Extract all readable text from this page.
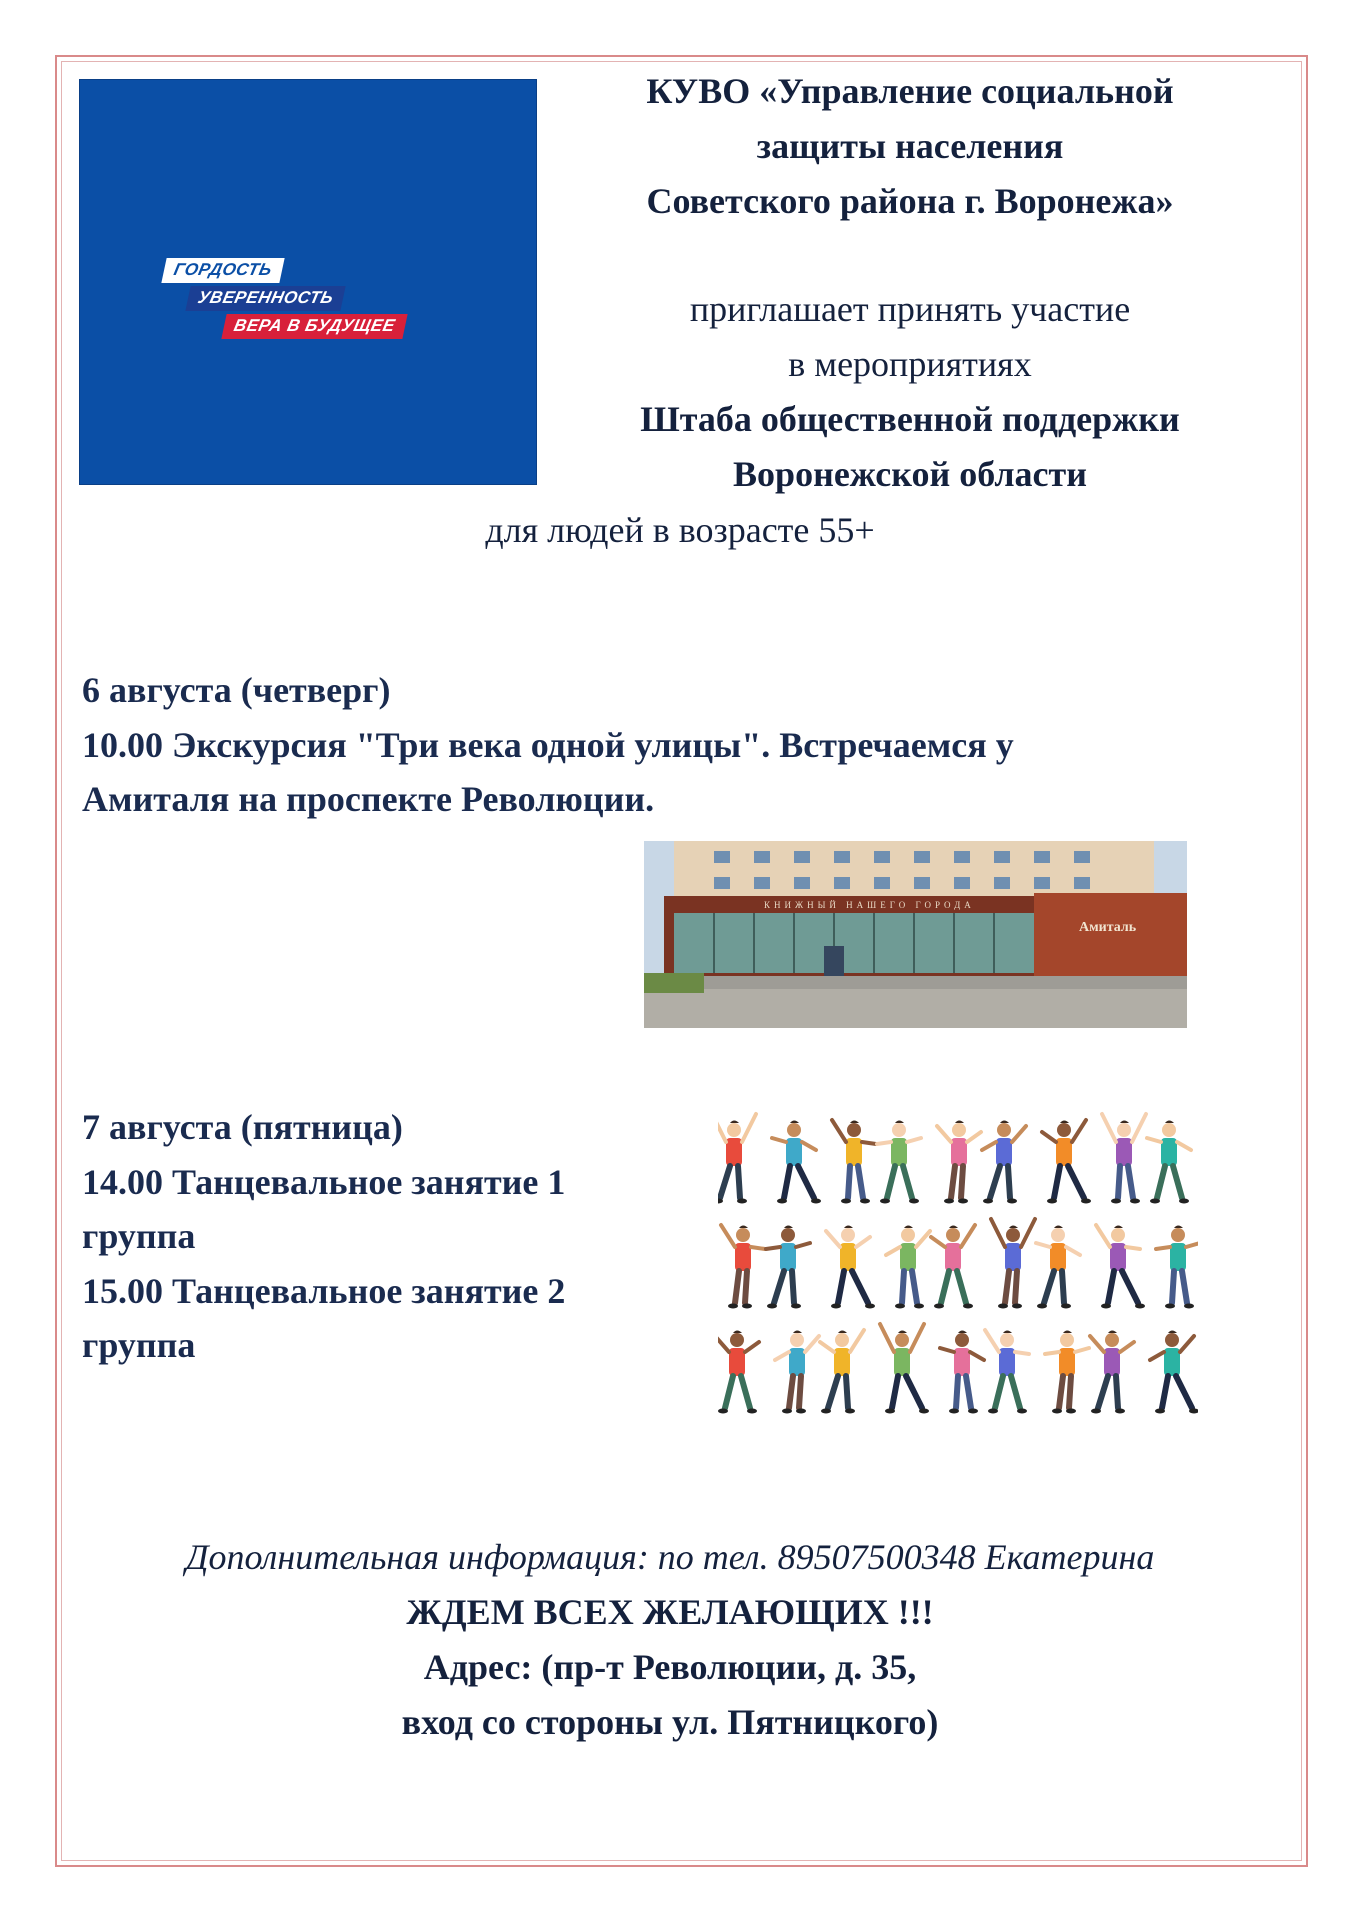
ГОРДОСТЬ
УВЕРЕННОСТЬ
ВЕРА В БУДУЩЕЕ
КУВО «Управление социальной
защиты населения
Советского района г. Воронежа»
приглашает принять участие
в мероприятиях
Штаба общественной поддержки
Воронежской области
для людей в возрасте 55+
6 августа (четверг)
10.00 Экскурсия "Три века одной улицы". Встречаемся у
Амиталя на проспекте Революции.
КНИЖНЫЙ НАШЕГО ГОРОДА
Амиталь
7 августа (пятница)
14.00 Танцевальное занятие 1
группа
15.00 Танцевальное занятие 2
группа
Дополнительная информация: по тел. 89507500348 Екатерина
ЖДЕМ ВСЕХ ЖЕЛАЮЩИХ !!!
Адрес: (пр-т Революции, д. 35,
вход со стороны ул. Пятницкого)
